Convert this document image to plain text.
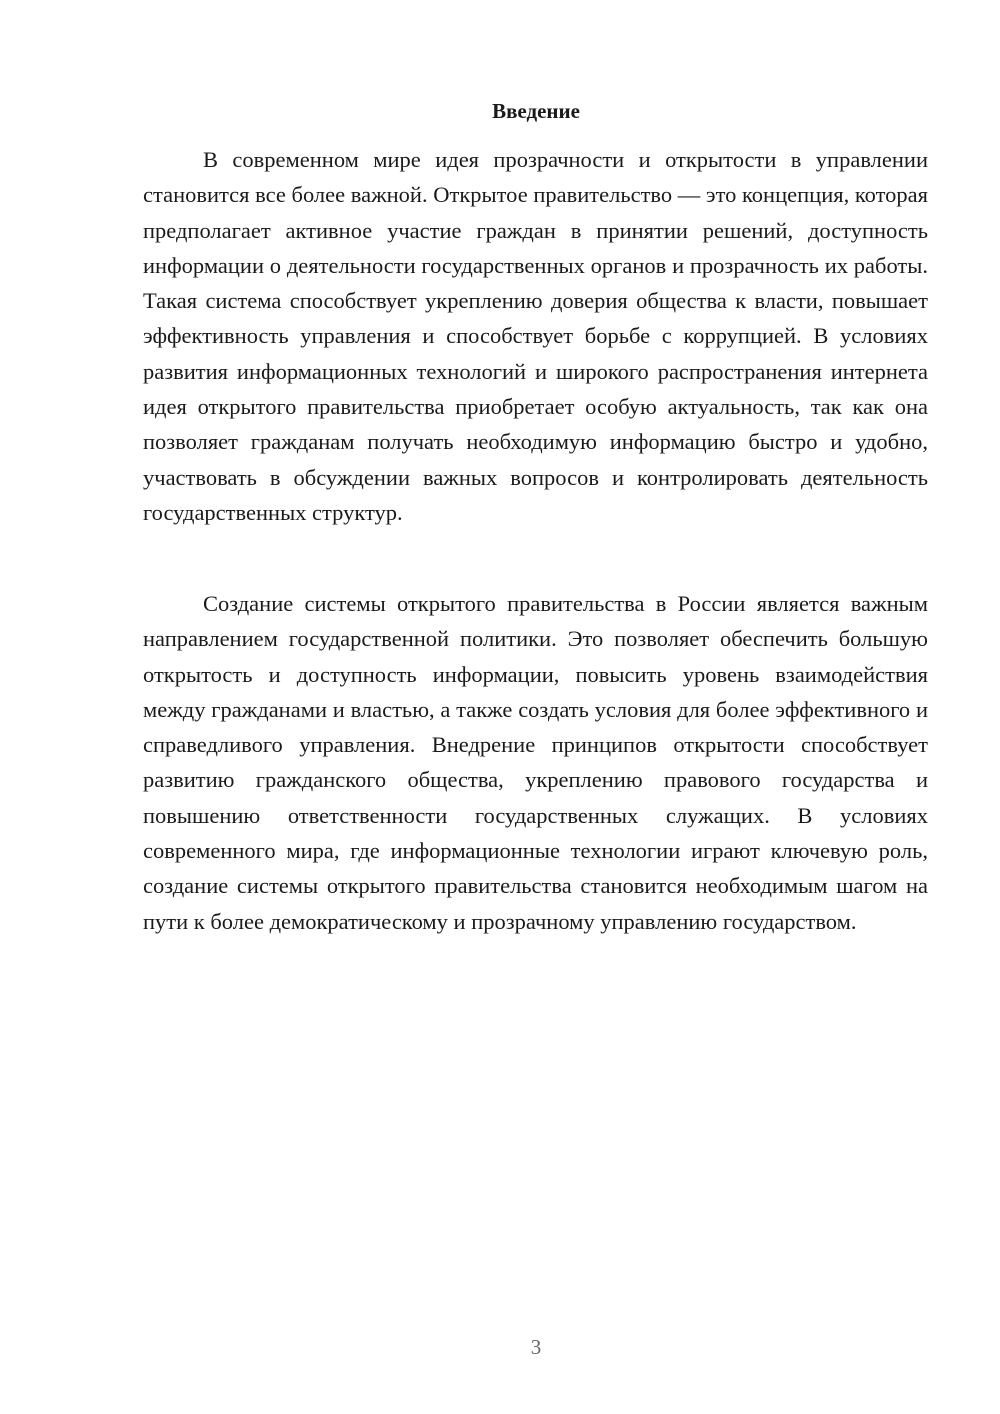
Введение

В современном мире идея прозрачности и открытости в управлении становится все более важной. Открытое правительство — это концепция, которая предполагает активное участие граждан в принятии решений, доступность информации о деятельности государственных органов и прозрачность их работы. Такая система способствует укреплению доверия общества к власти, повышает эффективность управления и способствует борьбе с коррупцией. В условиях развития информационных технологий и широкого распространения интернета идея открытого правительства приобретает особую актуальность, так как она позволяет гражданам получать необходимую информацию быстро и удобно, участвовать в обсуждении важных вопросов и контролировать деятельность государственных структур.

Создание системы открытого правительства в России является важным направлением государственной политики. Это позволяет обеспечить большую открытость и доступность информации, повысить уровень взаимодействия между гражданами и властью, а также создать условия для более эффективного и справедливого управления. Внедрение принципов открытости способствует развитию гражданского общества, укреплению правового государства и повышению ответственности государственных служащих. В условиях современного мира, где информационные технологии играют ключевую роль, создание системы открытого правительства становится необходимым шагом на пути к более демократическому и прозрачному управлению государством.

3
